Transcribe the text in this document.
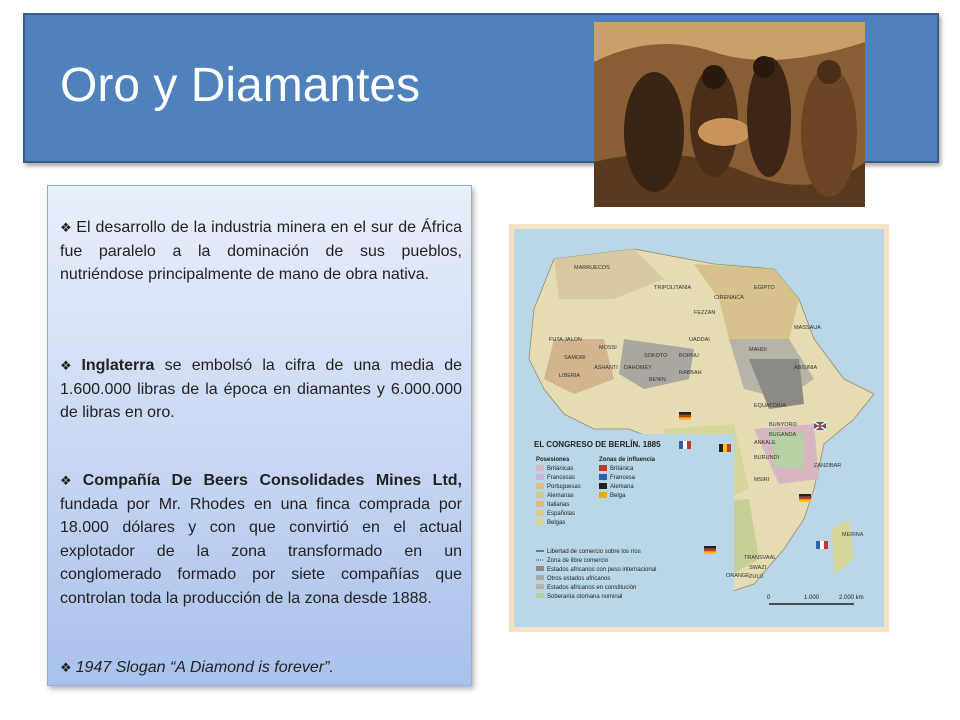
Oro y Diamantes
❖ El desarrollo de la industria minera en el sur de África fue paralelo a la dominación de sus pueblos, nutriéndose principalmente de mano de obra nativa.
❖ Inglaterra se embolsó la cifra de una media de 1.600.000 libras de la época en diamantes y 6.000.000 de libras en oro.
❖ Compañía De Beers Consolidades Mines Ltd, fundada por Mr. Rhodes en una finca comprada por 18.000 dólares y con que convirtió en el actual explotador de la zona transformado en un conglomerado formado por siete compañías que controlan toda la producción de la zona desde 1888.
❖ 1947 Slogan “A Diamond is forever”.
EL CONGRESO DE BERLÍN. 1885
Posesiones	Zonas de influencia
Británicas
Francesas
Portuguesas
Alemanas
Italianas
Españolas
Belgas
Británica
Francesa
Alemana
Belga
Libertad de comercio sobre los ríos
Zona de libre comercio
Estados africanos con peso internacional
Otros estados africanos
Estados africanos en constitución
Soberanía otomana nominal	0	1.000	2.000 km
MARRUECOS
TRIPOLITANIA
CIRENAICA
FEZZÁN
EGIPTO
FUTA JALON
SAMORI
MOSSI
LIBERIA
ASHANTI DAHOMEY
SOKOTO BORNU
UADDAI
BENIN
RABBAH
MAHDI
MASSAUA
ABISINIA
EQUATORIA
BUNYORO
BUGANDA
ANKALE
BURUNDI
MSIRI
ZANZIBAR
MERINA
TRANSVAAL
SWAZI
ZULÚ
ORANGE
